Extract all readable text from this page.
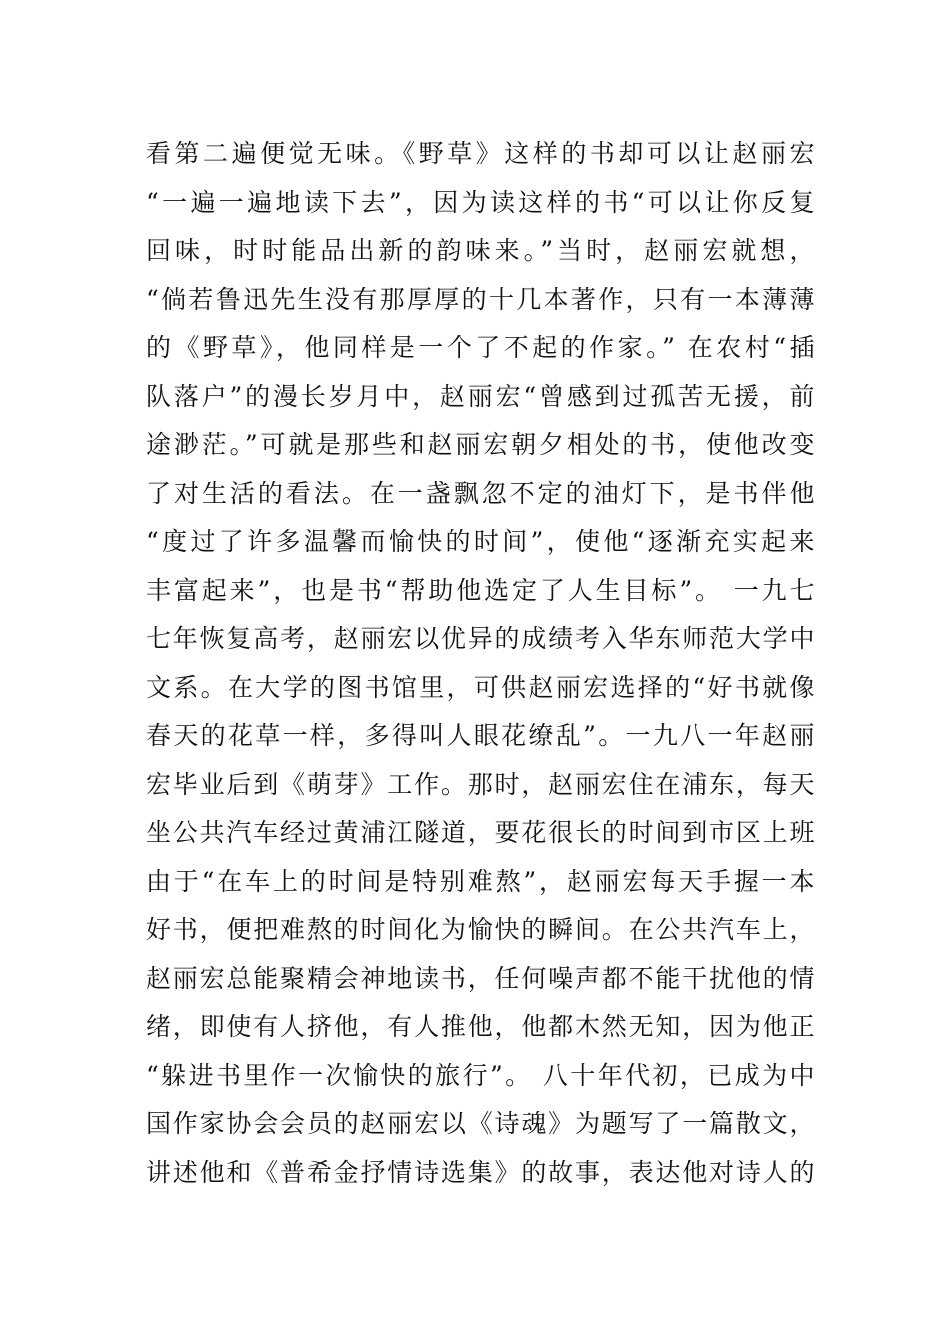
看第二遍便觉无味。《野草》这样的书却可以让赵丽宏
“一遍一遍地读下去”，因为读这样的书“可以让你反复
回味，时时能品出新的韵味来。”当时，赵丽宏就想，
“倘若鲁迅先生没有那厚厚的十几本著作，只有一本薄薄
的《野草》，他同样是一个了不起的作家。” 在农村“插
队落户”的漫长岁月中，赵丽宏“曾感到过孤苦无援，前
途渺茫。”可就是那些和赵丽宏朝夕相处的书，使他改变
了对生活的看法。在一盏飘忽不定的油灯下，是书伴他
“度过了许多温馨而愉快的时间”，使他“逐渐充实起来
丰富起来”，也是书“帮助他选定了人生目标”。 一九七
七年恢复高考，赵丽宏以优异的成绩考入华东师范大学中
文系。在大学的图书馆里，可供赵丽宏选择的“好书就像
春天的花草一样，多得叫人眼花缭乱”。一九八一年赵丽
宏毕业后到《萌芽》工作。那时，赵丽宏住在浦东，每天
坐公共汽车经过黄浦江隧道，要花很长的时间到市区上班
由于“在车上的时间是特别难熬”，赵丽宏每天手握一本
好书，便把难熬的时间化为愉快的瞬间。在公共汽车上，
赵丽宏总能聚精会神地读书，任何噪声都不能干扰他的情
绪，即使有人挤他，有人推他，他都木然无知，因为他正
“躲进书里作一次愉快的旅行”。 八十年代初，已成为中
国作家协会会员的赵丽宏以《诗魂》为题写了一篇散文，
讲述他和《普希金抒情诗选集》的故事，表达他对诗人的
